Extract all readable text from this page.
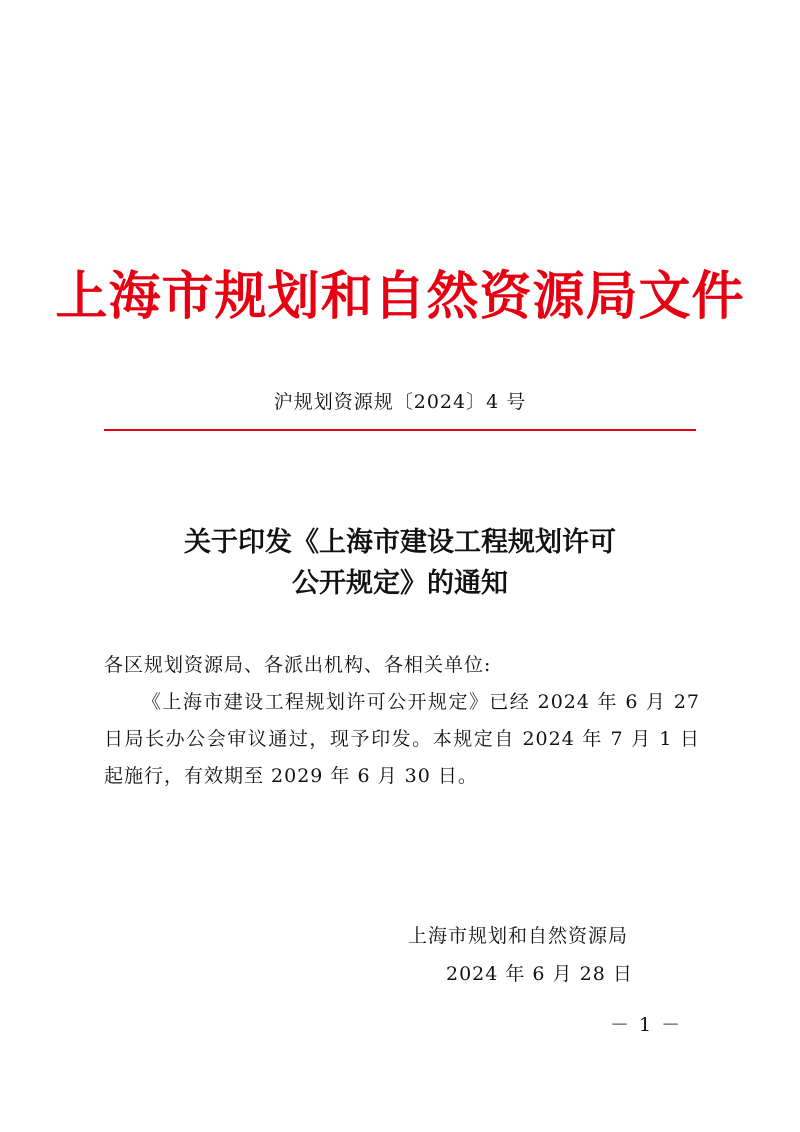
上海市规划和自然资源局文件
沪规划资源规〔2024〕4 号
关于印发《上海市建设工程规划许可
公开规定》的通知
各区规划资源局、各派出机构、各相关单位:
《上海市建设工程规划许可公开规定》已经 2024 年 6 月 27 日局长办公会审议通过，现予印发。本规定自 2024 年 7 月 1 日起施行，有效期至 2029 年 6 月 30 日。
上海市规划和自然资源局
2024 年 6 月 28 日
－ 1 －
